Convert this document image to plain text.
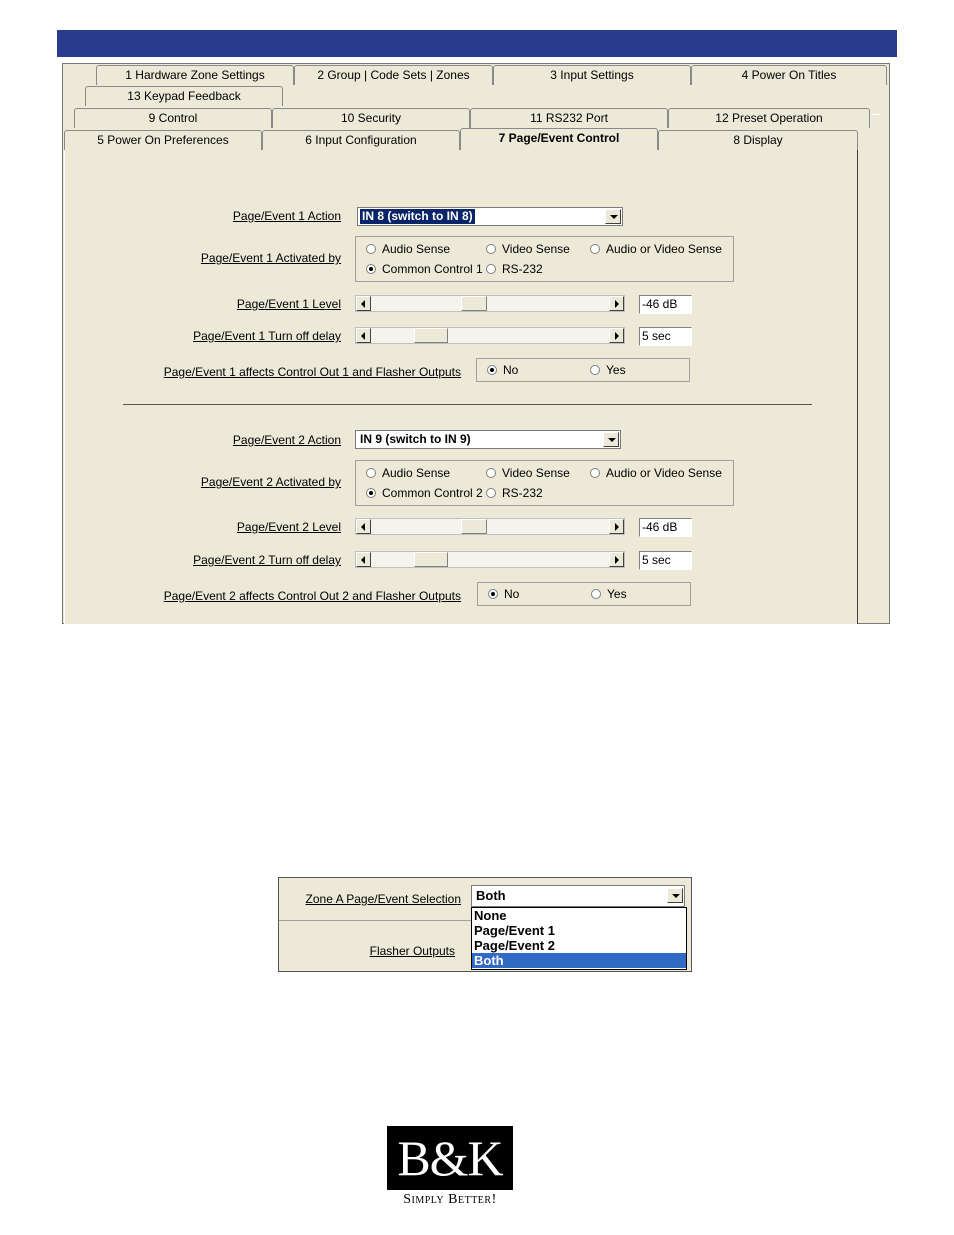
1 Hardware Zone Settings	2 Group | Code Sets | Zones	3 Input Settings	4 Power On Titles
13 Keypad Feedback
9 Control	10 Security	11 RS232 Port	12 Preset Operation
5 Power On Preferences	6 Input Configuration	7 Page/Event Control	8 Display
Page/Event 1 Action IN 8 (switch to IN 8)
Page/Event 1 Activated by
Audio Sense	Video Sense	Audio or Video Sense
Common Control 1	RS-232
Page/Event 1 Level	-46 dB
Page/Event 1 Turn off delay	5 sec
Page/Event 1 affects Control Out 1 and Flasher Outputs	No	Yes
Page/Event 2 Action IN 9 (switch to IN 9)
Page/Event 2 Activated by
Audio Sense	Video Sense	Audio or Video Sense
Common Control 2	RS-232
Page/Event 2 Level	-46 dB
Page/Event 2 Turn off delay	5 sec
Page/Event 2 affects Control Out 2 and Flasher Outputs	No	Yes
Zone A Page/Event Selection
Flasher Outputs
Both
None
Page/Event 1
Page/Event 2
Both
B&K
Simply Better!
